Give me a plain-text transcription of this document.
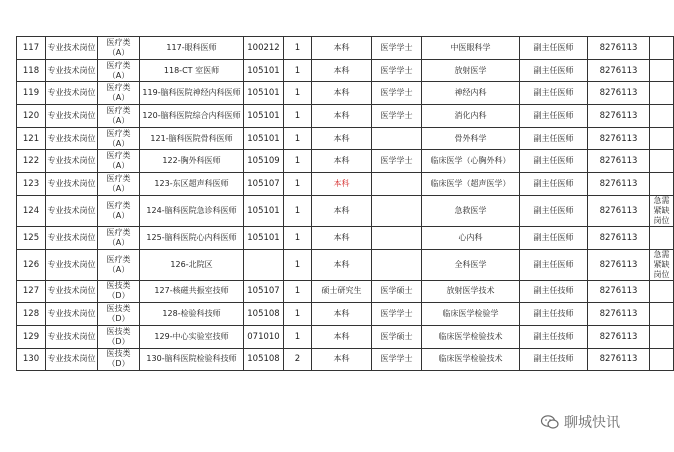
117	专业技术岗位	医疗类（A）	117-眼科医师	100212	1	本科	医学学士	中医眼科学	副主任医师	8276113	
118	专业技术岗位	医疗类（A）	118-CT 室医师	105101	1	本科	医学学士	放射医学	副主任医师	8276113	
119	专业技术岗位	医疗类（A）	119-脑科医院神经内科医师	105101	1	本科	医学学士	神经内科	副主任医师	8276113	
120	专业技术岗位	医疗类（A）	120-脑科医院综合内科医师	105101	1	本科	医学学士	消化内科	副主任医师	8276113	
121	专业技术岗位	医疗类（A）	121-脑科医院骨科医师	105101	1	本科		骨外科学	副主任医师	8276113	
122	专业技术岗位	医疗类（A）	122-胸外科医师	105109	1	本科	医学学士	临床医学（心胸外科）	副主任医师	8276113	
123	专业技术岗位	医疗类（A）	123-东区超声科医师	105107	1	本科		临床医学（超声医学）	副主任医师	8276113	
124	专业技术岗位	医疗类（A）	124-脑科医院急诊科医师	105101	1	本科		急救医学	副主任医师	8276113	急需紧缺岗位
125	专业技术岗位	医疗类（A）	125-脑科医院心内科医师	105101	1	本科		心内科	副主任医师	8276113	
126	专业技术岗位	医疗类（A）	126-北院区		1	本科		全科医学	副主任医师	8276113	急需紧缺岗位
127	专业技术岗位	医技类（D）	127-核磁共振室技师	105107	1	硕士研究生	医学硕士	放射医学技术	副主任技师	8276113	
128	专业技术岗位	医技类（D）	128-检验科技师	105108	1	本科	医学学士	临床医学检验学	副主任技师	8276113	
129	专业技术岗位	医技类（D）	129-中心实验室技师	071010	1	本科	医学硕士	临床医学检验技术	副主任技师	8276113	
130	专业技术岗位	医技类（D）	130-脑科医院检验科技师	105108	2	本科	医学学士	临床医学检验技术	副主任技师	8276113	
聊城快讯
